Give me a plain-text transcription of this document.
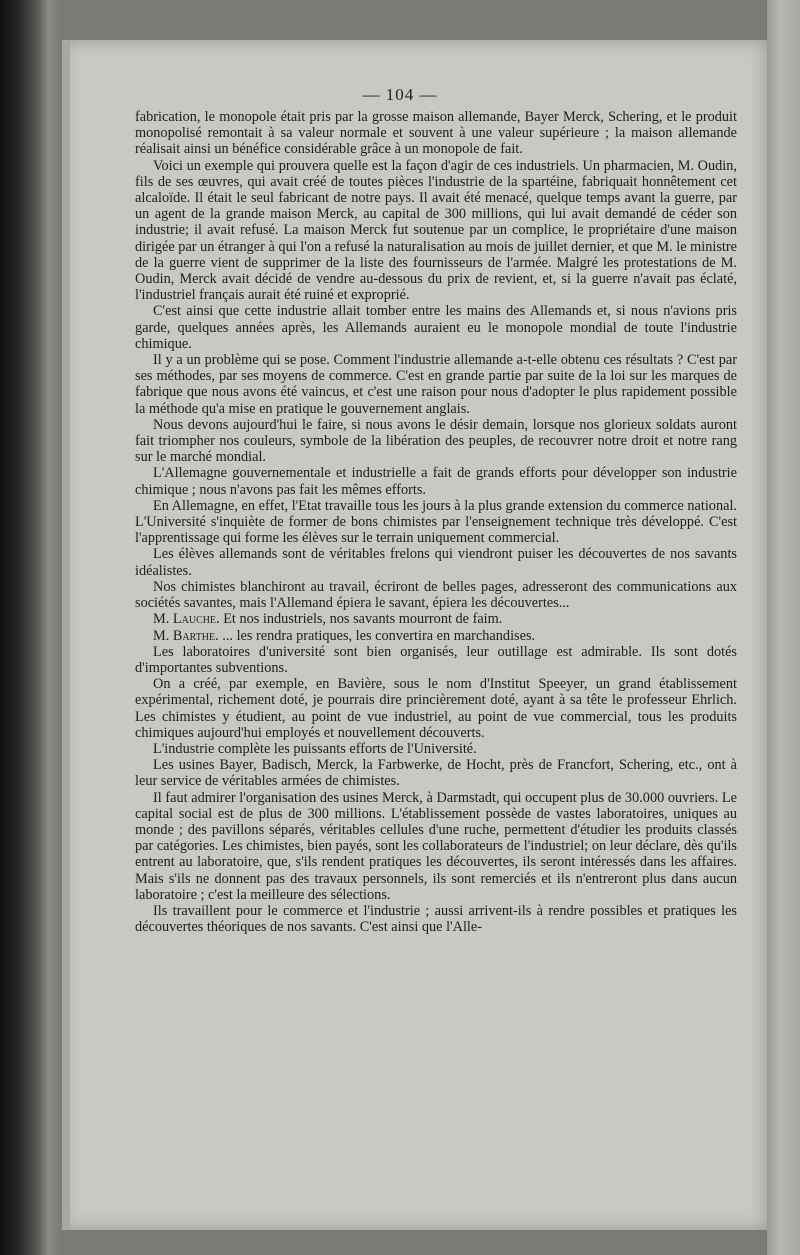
— 104 —

fabrication, le monopole était pris par la grosse maison allemande, Bayer Merck, Schering, et le produit monopolisé remontait à sa valeur normale et souvent à une valeur supérieure ; la maison allemande réalisait ainsi un bénéfice considérable grâce à un monopole de fait.

Voici un exemple qui prouvera quelle est la façon d'agir de ces industriels. Un pharmacien, M. Oudin, fils de ses œuvres, qui avait créé de toutes pièces l'industrie de la spartéine, fabriquait honnêtement cet alcaloïde. Il était le seul fabricant de notre pays. Il avait été menacé, quelque temps avant la guerre, par un agent de la grande maison Merck, au capital de 300 millions, qui lui avait demandé de céder son industrie; il avait refusé. La maison Merck fut soutenue par un complice, le propriétaire d'une maison dirigée par un étranger à qui l'on a refusé la naturalisation au mois de juillet dernier, et que M. le ministre de la guerre vient de supprimer de la liste des fournisseurs de l'armée. Malgré les protestations de M. Oudin, Merck avait décidé de vendre au-dessous du prix de revient, et, si la guerre n'avait pas éclaté, l'industriel français aurait été ruiné et exproprié.

C'est ainsi que cette industrie allait tomber entre les mains des Allemands et, si nous n'avions pris garde, quelques années après, les Allemands auraient eu le monopole mondial de toute l'industrie chimique.

Il y a un problème qui se pose. Comment l'industrie allemande a-t-elle obtenu ces résultats ? C'est par ses méthodes, par ses moyens de commerce. C'est en grande partie par suite de la loi sur les marques de fabrique que nous avons été vaincus, et c'est une raison pour nous d'adopter le plus rapidement possible la méthode qu'a mise en pratique le gouvernement anglais.

Nous devons aujourd'hui le faire, si nous avons le désir demain, lorsque nos glorieux soldats auront fait triompher nos couleurs, symbole de la libération des peuples, de recouvrer notre droit et notre rang sur le marché mondial.

L'Allemagne gouvernementale et industrielle a fait de grands efforts pour développer son industrie chimique ; nous n'avons pas fait les mêmes efforts.

En Allemagne, en effet, l'Etat travaille tous les jours à la plus grande extension du commerce national. L'Université s'inquiète de former de bons chimistes par l'enseignement technique très développé. C'est l'apprentissage qui forme les élèves sur le terrain uniquement commercial.

Les élèves allemands sont de véritables frelons qui viendront puiser les découvertes de nos savants idéalistes.

Nos chimistes blanchiront au travail, écriront de belles pages, adresseront des communications aux sociétés savantes, mais l'Allemand épiera le savant, épiera les découvertes...

M. Lauche. Et nos industriels, nos savants mourront de faim.

M. Barthe. ... les rendra pratiques, les convertira en marchandises.

Les laboratoires d'université sont bien organisés, leur outillage est admirable. Ils sont dotés d'importantes subventions.

On a créé, par exemple, en Bavière, sous le nom d'Institut Speeyer, un grand établissement expérimental, richement doté, je pourrais dire princièrement doté, ayant à sa tête le professeur Ehrlich. Les chimistes y étudient, au point de vue industriel, au point de vue commercial, tous les produits chimiques aujourd'hui employés et nouvellement découverts.

L'industrie complète les puissants efforts de l'Université.

Les usines Bayer, Badisch, Merck, la Farbwerke, de Hocht, près de Francfort, Schering, etc., ont à leur service de véritables armées de chimistes.

Il faut admirer l'organisation des usines Merck, à Darmstadt, qui occupent plus de 30.000 ouvriers. Le capital social est de plus de 300 millions. L'établissement possède de vastes laboratoires, uniques au monde ; des pavillons séparés, véritables cellules d'une ruche, permettent d'étudier les produits classés par catégories. Les chimistes, bien payés, sont les collaborateurs de l'industriel; on leur déclare, dès qu'ils entrent au laboratoire, que, s'ils rendent pratiques les découvertes, ils seront intéressés dans les affaires. Mais s'ils ne donnent pas des travaux personnels, ils sont remerciés et ils n'entreront plus dans aucun laboratoire ; c'est la meilleure des sélections.

Ils travaillent pour le commerce et l'industrie ; aussi arrivent-ils à rendre possibles et pratiques les découvertes théoriques de nos savants. C'est ainsi que l'Alle-
